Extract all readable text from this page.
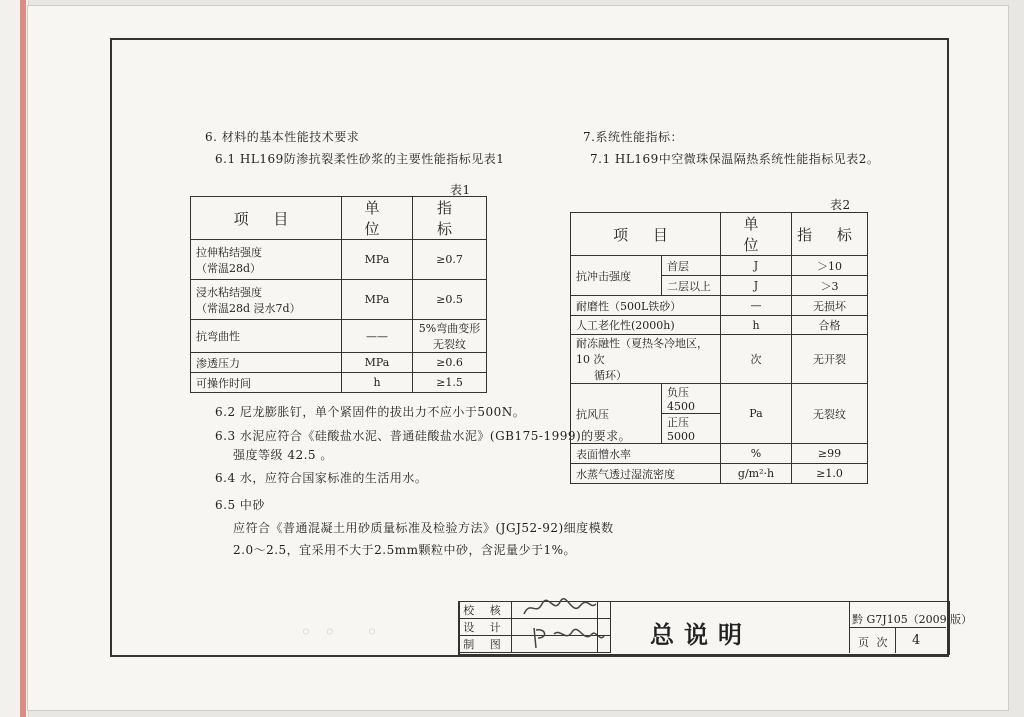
◦◦ ◦
6. 材料的基本性能技术要求
6.1 HL169防渗抗裂柔性砂浆的主要性能指标见表1
表1
项 目	单 位	指 标

拉伸粘结强度
（常温28d）	MPa	≥0.7

浸水粘结强度
（常温28d 浸水7d）	MPa	≥0.5
抗弯曲性	——	5%弯曲变形无裂纹
渗透压力	MPa	≥0.6
可操作时间	h	≥1.5
6.2 尼龙膨胀钉，单个紧固件的拔出力不应小于500N。
6.3 水泥应符合《硅酸盐水泥、普通硅酸盐水泥》(GB175-1999)的要求。
强度等级 42.5 。
6.4 水，应符合国家标准的生活用水。
6.5 中砂
应符合《普通混凝土用砂质量标准及检验方法》(JGJ52-92)细度模数
2.0～2.5，宜采用不大于2.5mm颗粒中砂，含泥量少于1%。
7.系统性能指标：
7.1 HL169中空微珠保温隔热系统性能指标见表2。
表2
项 目		单 位	指 标
抗冲击强度	首层	J	＞10
	二层以上	J	＞3
耐磨性（500L铁砂）		—	无损坏
人工老化性(2000h)		h	合格

耐冻融性（夏热冬冷地区，10 次
循环）		次	无开裂
抗风压	负压4500	Pa	无裂纹
	正压5000		
表面憎水率		%	≥99
水蒸气透过湿流密度		g/m²·h	≥1.0
校 核	
设 计	
制 图		总说明
黔 G7J105（2009 版）
页 次 4
